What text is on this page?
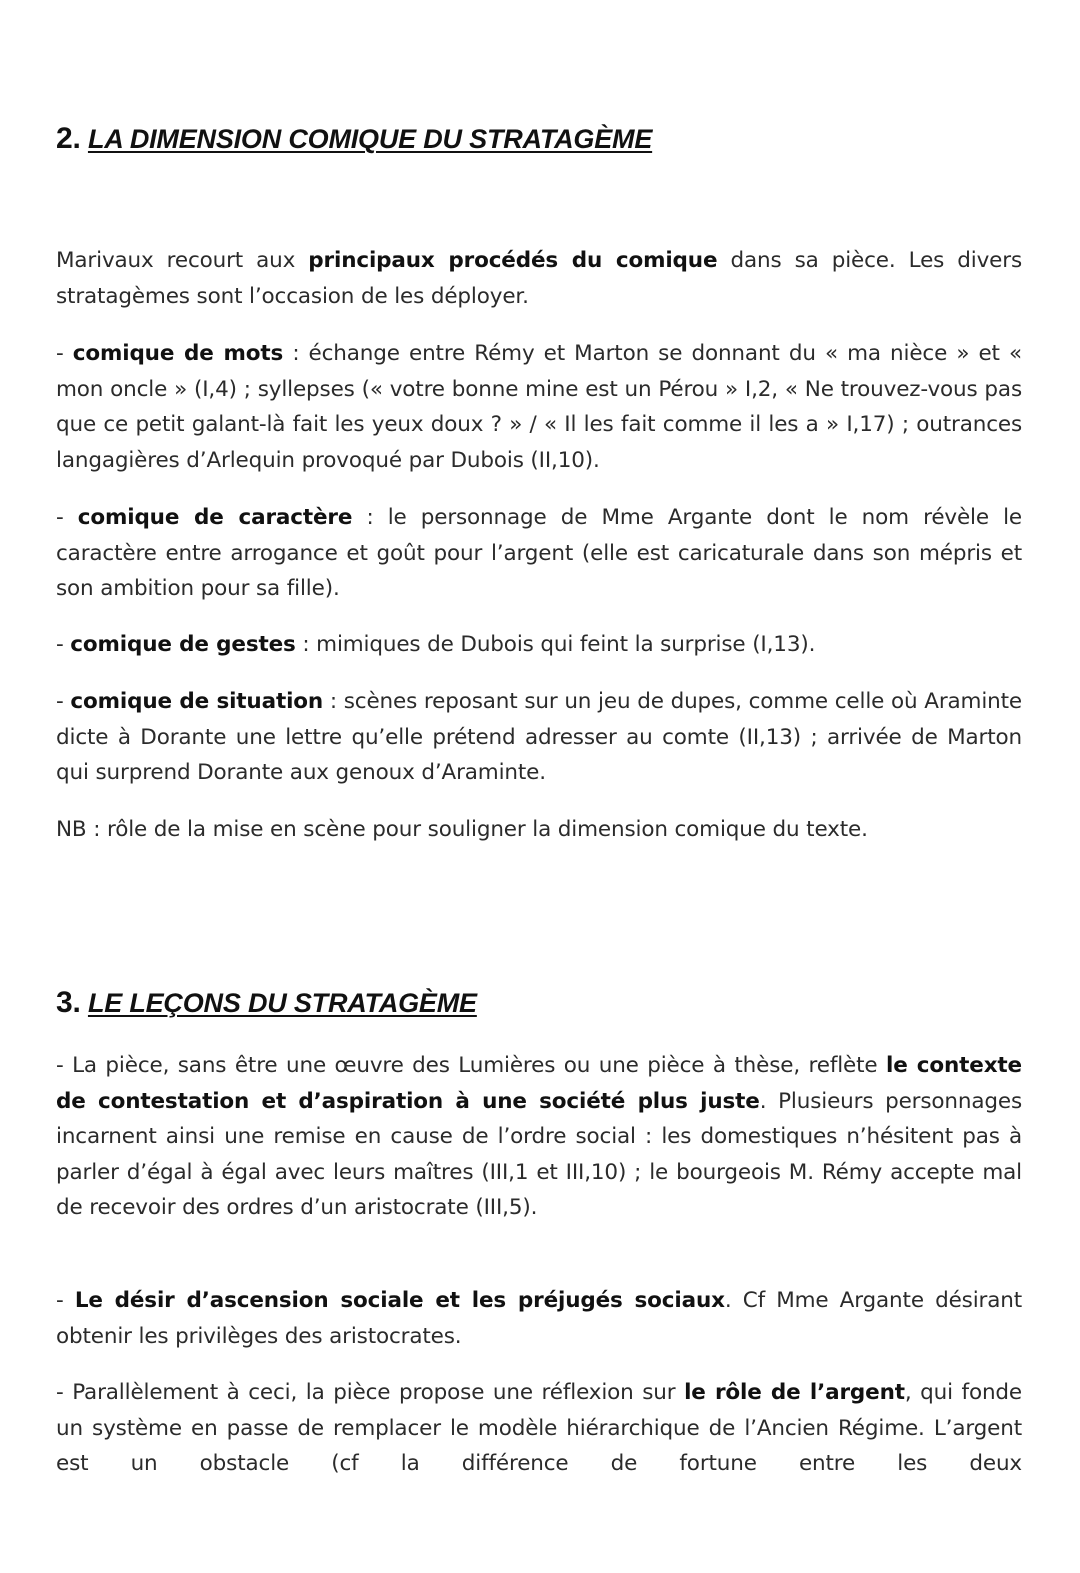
2. LA DIMENSION COMIQUE DU STRATAGÈME
Marivaux recourt aux principaux procédés du comique dans sa pièce. Les divers stratagèmes sont l’occasion de les déployer.
- comique de mots : échange entre Rémy et Marton se donnant du « ma nièce » et « mon oncle » (I,4) ; syllepses (« votre bonne mine est un Pérou » I,2, « Ne trouvez-vous pas que ce petit galant-là fait les yeux doux ? » / « Il les fait comme il les a » I,17) ; outrances langagières d’Arlequin provoqué par Dubois (II,10).
- comique de caractère : le personnage de Mme Argante dont le nom révèle le caractère entre arrogance et goût pour l’argent (elle est caricaturale dans son mépris et son ambition pour sa fille).
- comique de gestes : mimiques de Dubois qui feint la surprise (I,13).
- comique de situation : scènes reposant sur un jeu de dupes, comme celle où Araminte dicte à Dorante une lettre qu’elle prétend adresser au comte (II,13) ; arrivée de Marton qui surprend Dorante aux genoux d’Araminte.
NB : rôle de la mise en scène pour souligner la dimension comique du texte.
3. LE LEÇONS DU STRATAGÈME
- La pièce, sans être une œuvre des Lumières ou une pièce à thèse, reflète le contexte de contestation et d’aspiration à une société plus juste. Plusieurs personnages incarnent ainsi une remise en cause de l’ordre social : les domestiques n’hésitent pas à parler d’égal à égal avec leurs maîtres (III,1 et III,10) ; le bourgeois M. Rémy accepte mal de recevoir des ordres d’un aristocrate (III,5).
- Le désir d’ascension sociale et les préjugés sociaux. Cf Mme Argante désirant obtenir les privilèges des aristocrates.
- Parallèlement à ceci, la pièce propose une réflexion sur le rôle de l’argent, qui fonde un système en passe de remplacer le modèle hiérarchique de l’Ancien Régime. L’argent est un obstacle (cf la différence de fortune entre les deux
